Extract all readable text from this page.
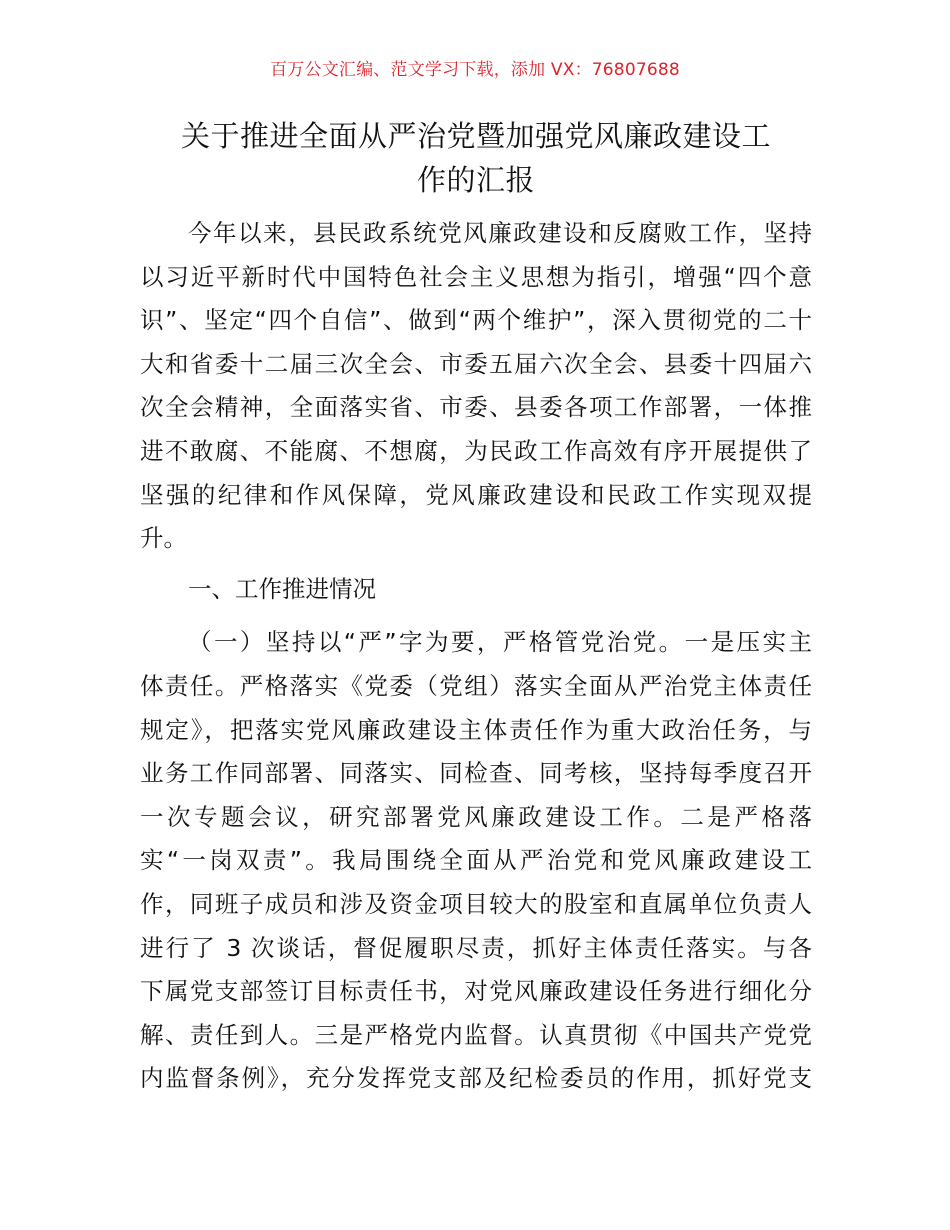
百万公文汇编、范文学习下载，添加 VX：76807688
关于推进全面从严治党暨加强党风廉政建设工
作的汇报
今年以来，县民政系统党风廉政建设和反腐败工作，坚持
以习近平新时代中国特色社会主义思想为指引，增强“四个意
识”、坚定“四个自信”、做到“两个维护”，深入贯彻党的二十
大和省委十二届三次全会、市委五届六次全会、县委十四届六
次全会精神，全面落实省、市委、县委各项工作部署，一体推
进不敢腐、不能腐、不想腐，为民政工作高效有序开展提供了
坚强的纪律和作风保障，党风廉政建设和民政工作实现双提
升。
一、工作推进情况
（一）坚持以“严”字为要，严格管党治党。一是压实主
体责任。严格落实《党委（党组）落实全面从严治党主体责任
规定》，把落实党风廉政建设主体责任作为重大政治任务，与
业务工作同部署、同落实、同检查、同考核，坚持每季度召开
一次专题会议，研究部署党风廉政建设工作。二是严格落
实“一岗双责”。我局围绕全面从严治党和党风廉政建设工
作，同班子成员和涉及资金项目较大的股室和直属单位负责人
进行了 3 次谈话，督促履职尽责，抓好主体责任落实。与各
下属党支部签订目标责任书，对党风廉政建设任务进行细化分
解、责任到人。三是严格党内监督。认真贯彻《中国共产党党
内监督条例》，充分发挥党支部及纪检委员的作用，抓好党支
